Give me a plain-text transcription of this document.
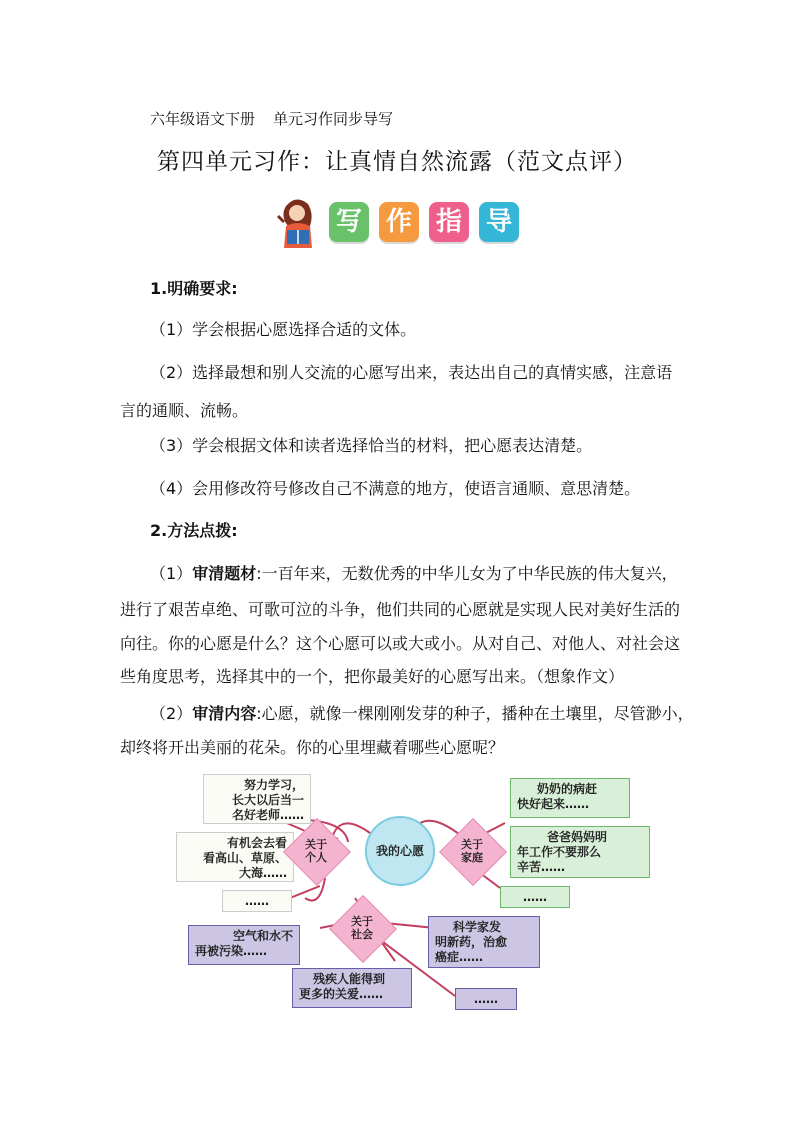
六年级语文下册 单元习作同步导写
第四单元习作：让真情自然流露（范文点评）
写 作 指 导
1.明确要求:
（1）学会根据心愿选择合适的文体。
（2）选择最想和别人交流的心愿写出来，表达出自己的真情实感，注意语
言的通顺、流畅。
（3）学会根据文体和读者选择恰当的材料，把心愿表达清楚。
（4）会用修改符号修改自己不满意的地方，使语言通顺、意思清楚。
2.方法点拨:
（1）审清题材:一百年来，无数优秀的中华儿女为了中华民族的伟大复兴，
进行了艰苦卓绝、可歌可泣的斗争，他们共同的心愿就是实现人民对美好生活的
向往。你的心愿是什么？这个心愿可以或大或小。从对自己、对他人、对社会这
些角度思考，选择其中的一个，把你最美好的心愿写出来。（想象作文）
（2）审清内容:心愿，就像一棵刚刚发芽的种子，播种在土壤里，尽管渺小，
却终将开出美丽的花朵。你的心里埋藏着哪些心愿呢？
努力学习，
长大以后当一
名好老师……
有机会去看
看高山、草原、
大海……
……
关于
个人	我的心愿	关于
家庭
奶奶的病赶
快好起来……
爸爸妈妈明
年工作不要那么
辛苦……
……
关于
社会
空气和水不
再被污染……
科学家发
明新药，治愈
癌症……
残疾人能得到
更多的关爱……	……
